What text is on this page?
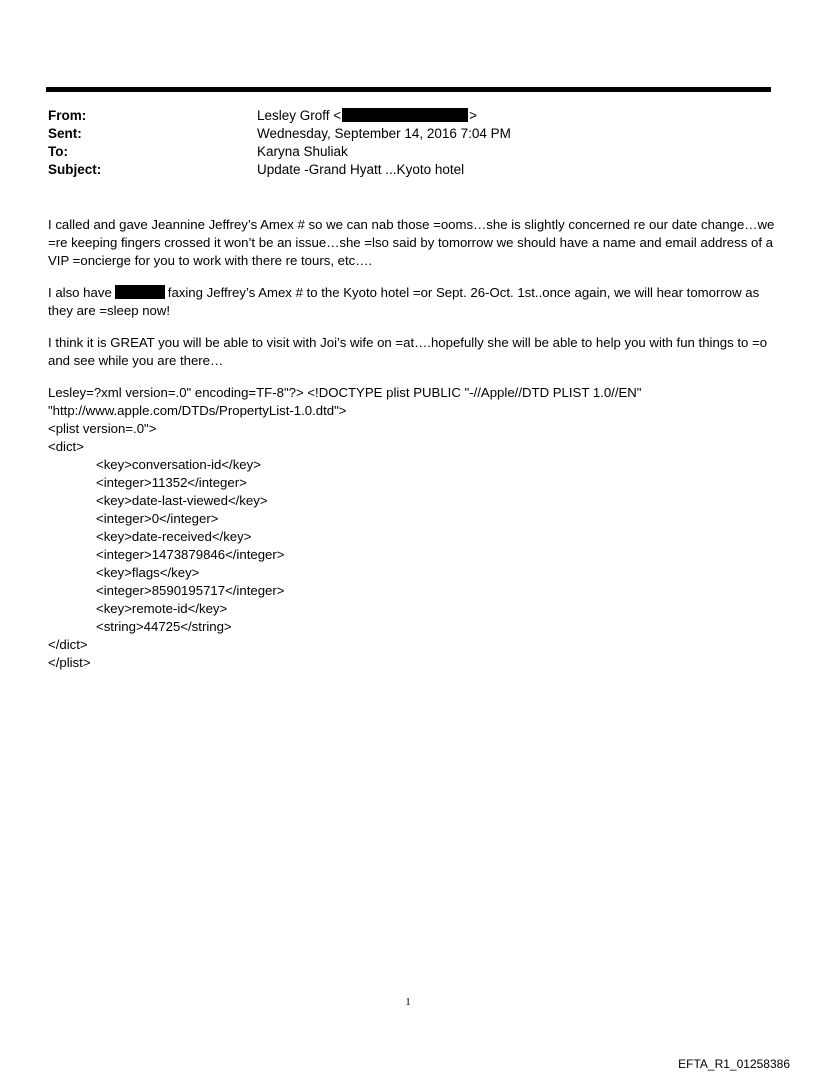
From:	Lesley Groff <	>
Sent:	Wednesday, September 14, 2016 7:04 PM
To:	Karyna Shuliak
Subject:	Update -Grand Hyatt ...Kyoto hotel

I called and gave Jeannine Jeffrey’s Amex # so we can nab those =ooms…she is slightly concerned re our date change…we =re keeping fingers crossed it won’t be an issue…she =lso said by tomorrow we should have a name and email address of a VIP =oncierge for you to work with there re tours, etc….

I also have	faxing Jeffrey’s Amex # to the Kyoto hotel =or Sept. 26-Oct. 1st..once again, we will hear tomorrow as they are =sleep now!

I think it is GREAT you will be able to visit with Joi’s wife on =at….hopefully she will be able to help you with fun things to =o and see while you are there…

Lesley=?xml version=.0" encoding=TF-8"?> <!DOCTYPE plist PUBLIC "-//Apple//DTD PLIST 1.0//EN"
"http://www.apple.com/DTDs/PropertyList-1.0.dtd">
<plist version=.0">
<dict>
<key>conversation-id</key>
<integer>11352</integer>
<key>date-last-viewed</key>
<integer>0</integer>
<key>date-received</key>
<integer>1473879846</integer>
<key>flags</key>
<integer>8590195717</integer>
<key>remote-id</key>
<string>44725</string>
</dict>
</plist>
1
EFTA_R1_01258386
